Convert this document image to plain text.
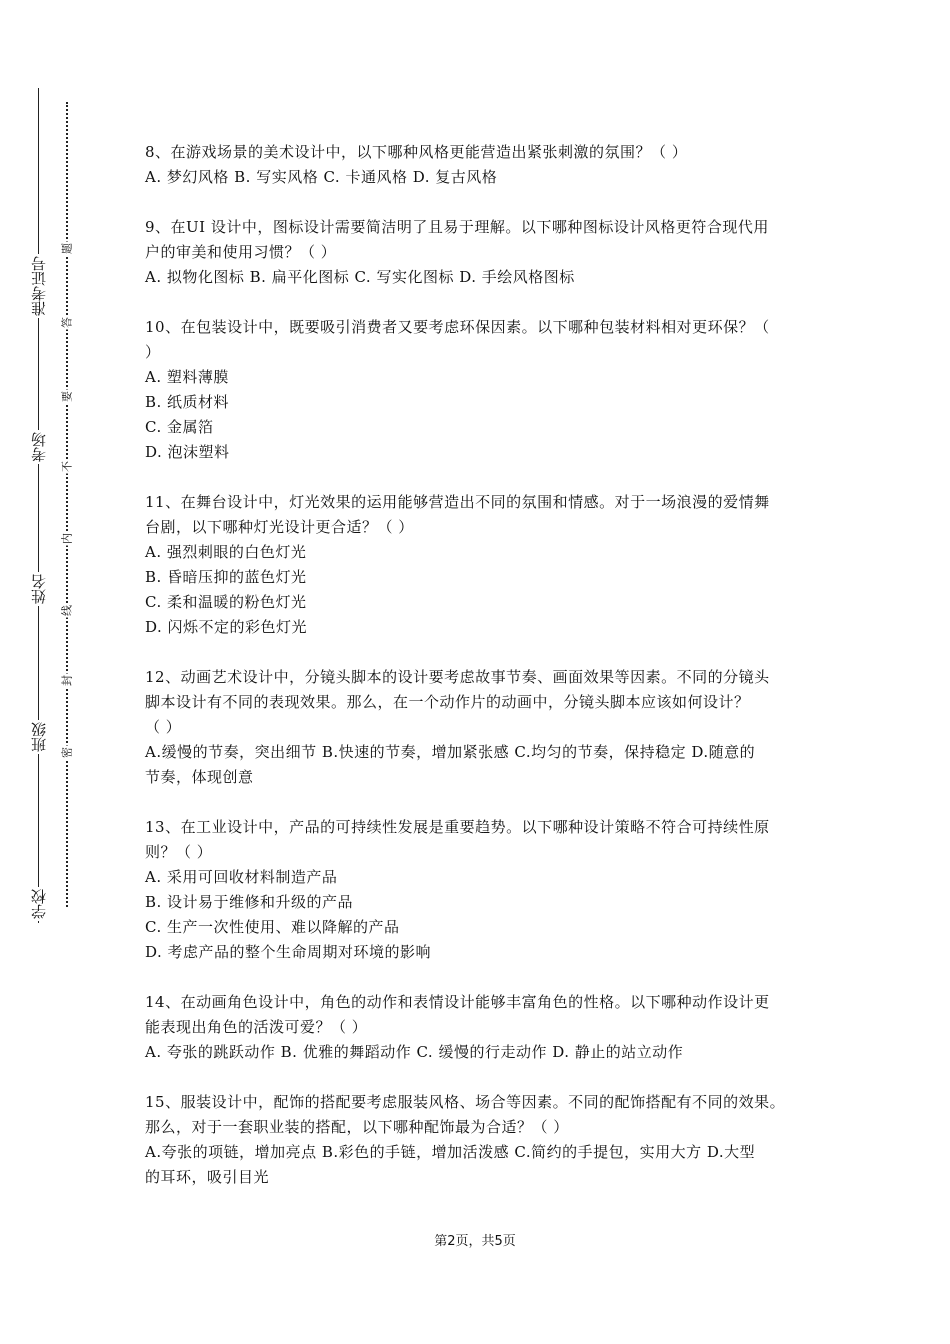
准考证号
考场
姓名
班级
学校
题
答
要
不
内
线
封
密

8、在游戏场景的美术设计中，以下哪种风格更能营造出紧张刺激的氛围？（ ）

A. 梦幻风格 B. 写实风格 C. 卡通风格 D. 复古风格

9、在UI 设计中，图标设计需要简洁明了且易于理解。以下哪种图标设计风格更符合现代用

户的审美和使用习惯？（ ）

A. 拟物化图标 B. 扁平化图标 C. 写实化图标 D. 手绘风格图标

10、在包装设计中，既要吸引消费者又要考虑环保因素。以下哪种包装材料相对更环保？（

）

A. 塑料薄膜

B. 纸质材料

C. 金属箔

D. 泡沫塑料

11、在舞台设计中，灯光效果的运用能够营造出不同的氛围和情感。对于一场浪漫的爱情舞

台剧，以下哪种灯光设计更合适？（ ）

A. 强烈刺眼的白色灯光

B. 昏暗压抑的蓝色灯光

C. 柔和温暖的粉色灯光

D. 闪烁不定的彩色灯光

12、动画艺术设计中，分镜头脚本的设计要考虑故事节奏、画面效果等因素。不同的分镜头

脚本设计有不同的表现效果。那么，在一个动作片的动画中，分镜头脚本应该如何设计？

（ ）

A.缓慢的节奏，突出细节 B.快速的节奏，增加紧张感 C.均匀的节奏，保持稳定 D.随意的

节奏，体现创意

13、在工业设计中，产品的可持续性发展是重要趋势。以下哪种设计策略不符合可持续性原

则？（ ）

A. 采用可回收材料制造产品

B. 设计易于维修和升级的产品

C. 生产一次性使用、难以降解的产品

D. 考虑产品的整个生命周期对环境的影响

14、在动画角色设计中，角色的动作和表情设计能够丰富角色的性格。以下哪种动作设计更

能表现出角色的活泼可爱？（ ）

A. 夸张的跳跃动作 B. 优雅的舞蹈动作 C. 缓慢的行走动作 D. 静止的站立动作

15、服装设计中，配饰的搭配要考虑服装风格、场合等因素。不同的配饰搭配有不同的效果。

那么，对于一套职业装的搭配，以下哪种配饰最为合适？（ ）

A.夸张的项链，增加亮点 B.彩色的手链，增加活泼感 C.简约的手提包，实用大方 D.大型

的耳环，吸引目光

第2页，共5页
